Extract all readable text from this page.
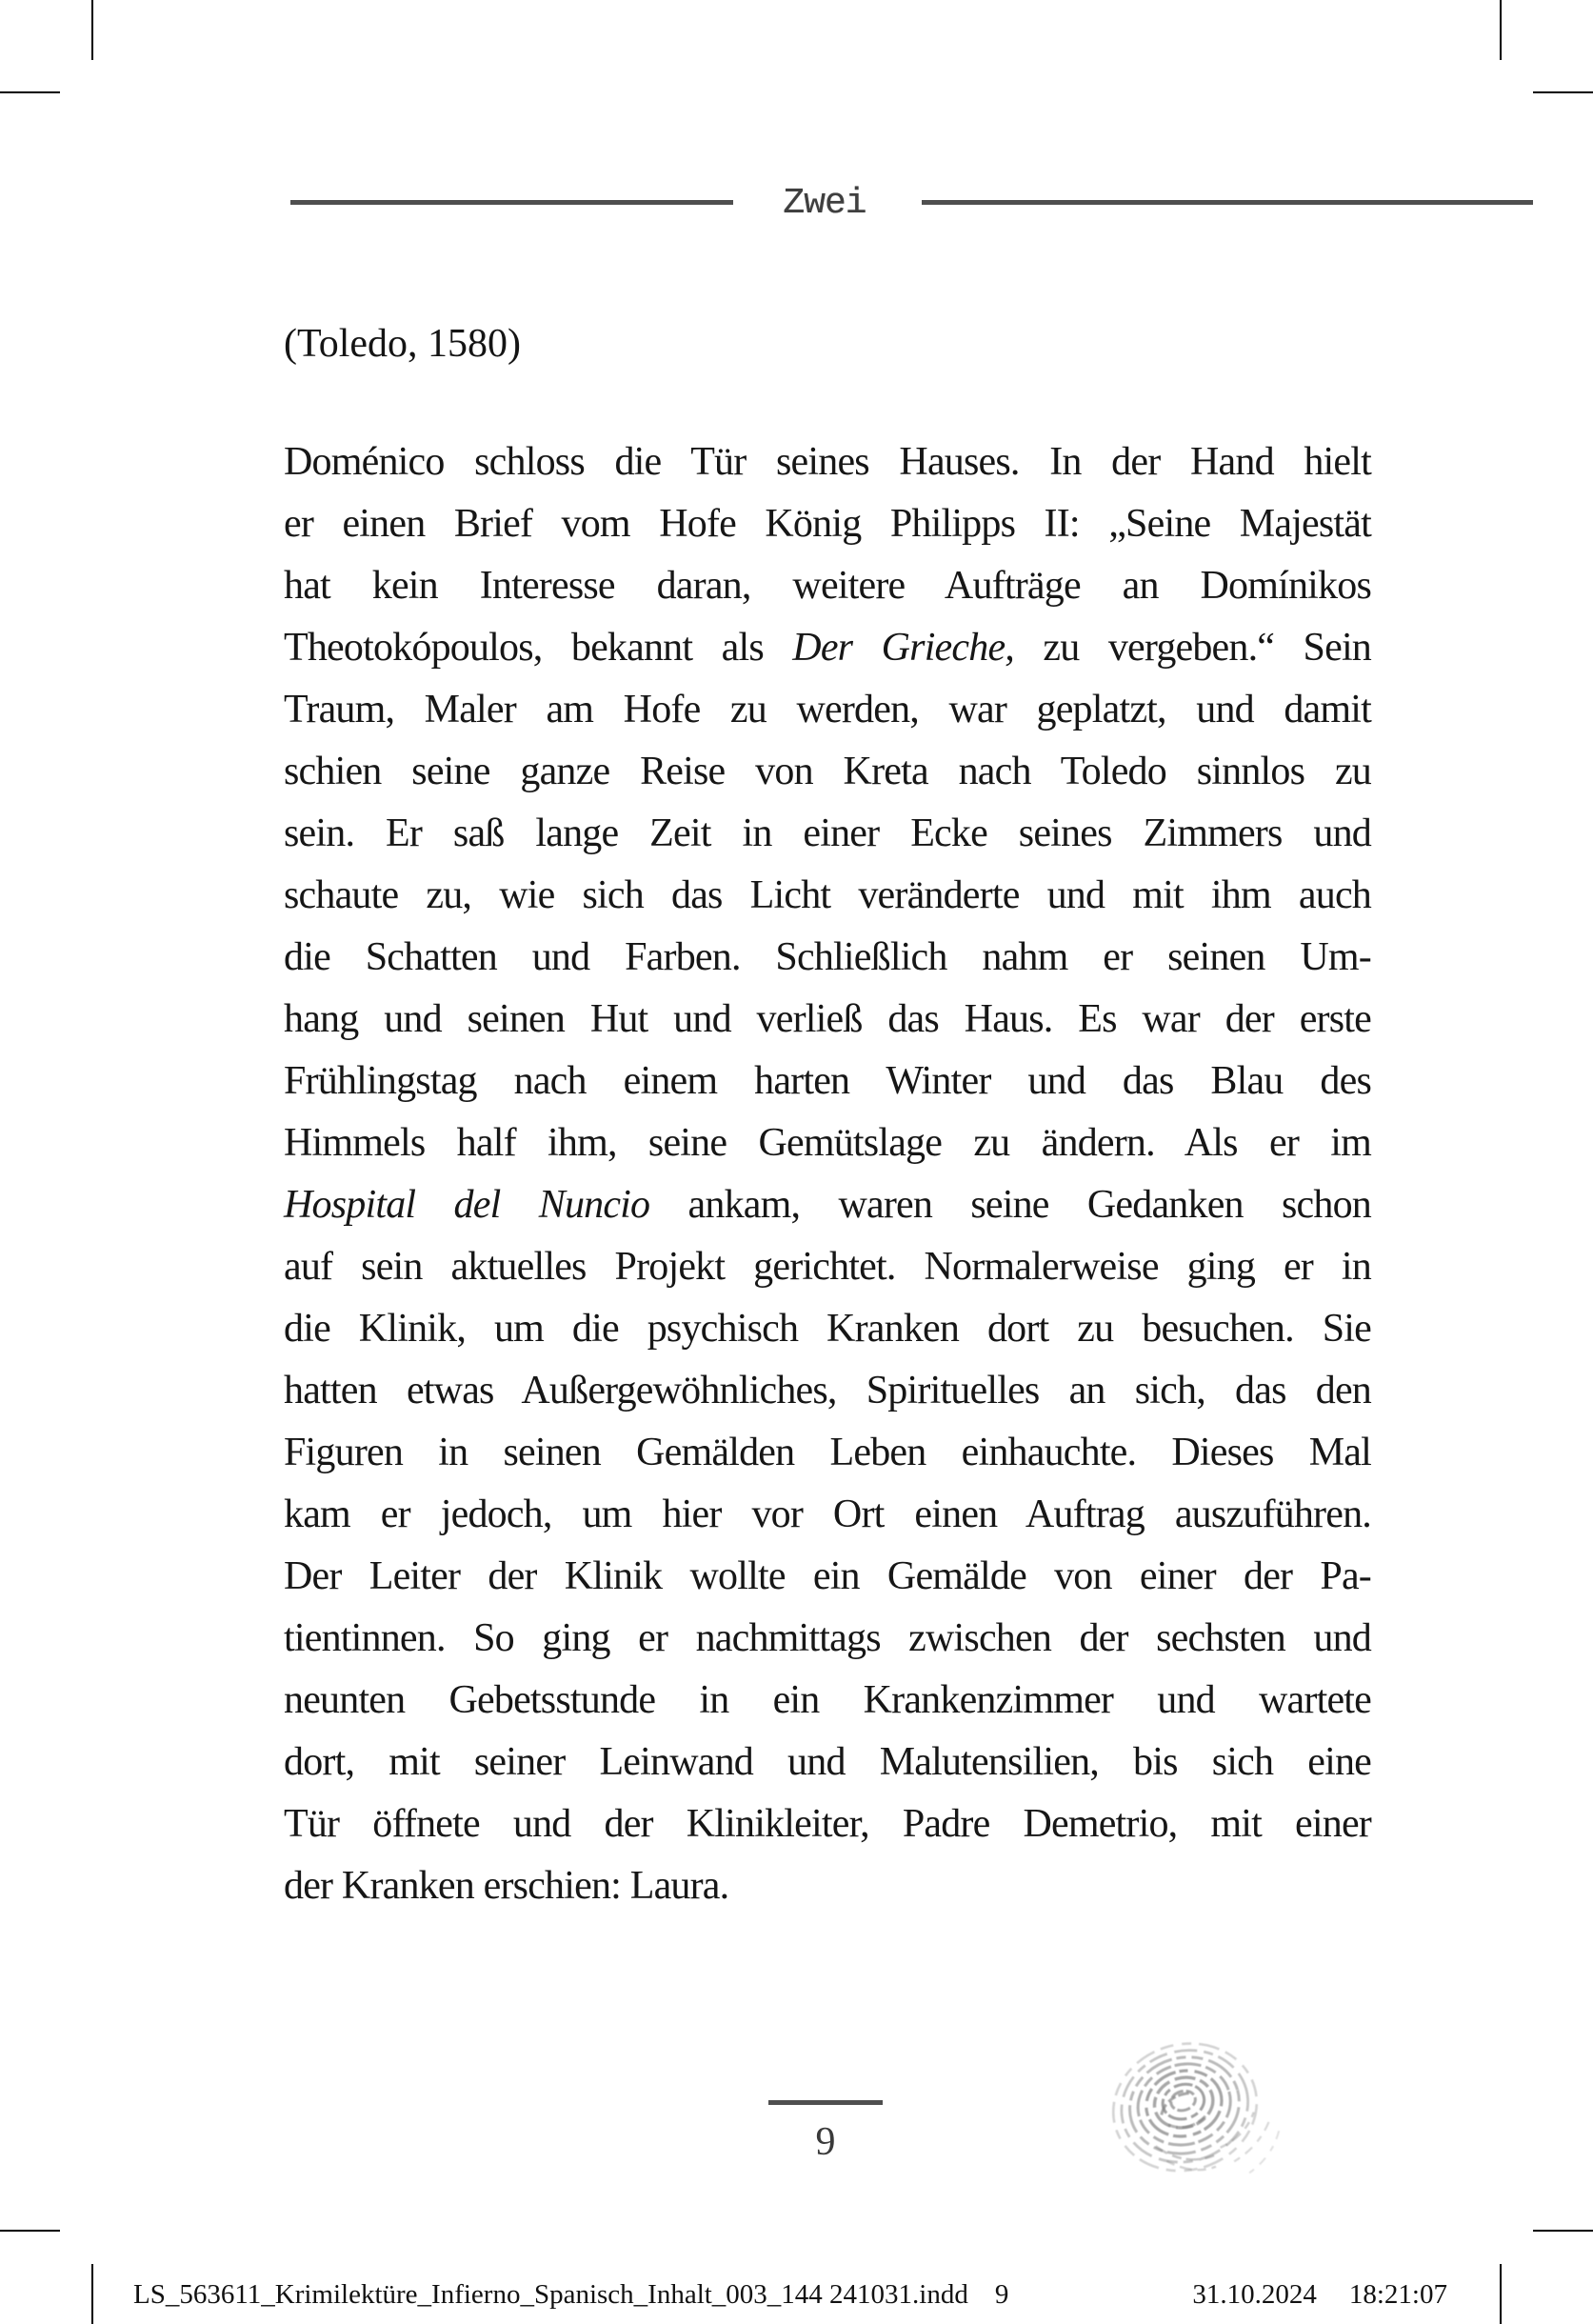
Zwei
(Toledo, 1580)
Doménico schloss die Tür seines Hauses. In der Hand hielt
er einen Brief vom Hofe König Philipps II: „Seine Majestät
hat kein Interesse daran, weitere Aufträge an Domínikos
Theotokópoulos, bekannt als Der Grieche, zu vergeben.“ Sein
Traum, Maler am Hofe zu werden, war geplatzt, und damit
schien seine ganze Reise von Kreta nach Toledo sinnlos zu
sein. Er saß lange Zeit in einer Ecke seines Zimmers und
schaute zu, wie sich das Licht veränderte und mit ihm auch
die Schatten und Farben. Schließlich nahm er seinen Um-
hang und seinen Hut und verließ das Haus. Es war der erste
Frühlingstag nach einem harten Winter und das Blau des
Himmels half ihm, seine Gemütslage zu ändern. Als er im
Hospital del Nuncio ankam, waren seine Gedanken schon
auf sein aktuelles Projekt gerichtet. Normalerweise ging er in
die Klinik, um die psychisch Kranken dort zu besuchen. Sie
hatten etwas Außergewöhnliches, Spirituelles an sich, das den
Figuren in seinen Gemälden Leben einhauchte. Dieses Mal
kam er jedoch, um hier vor Ort einen Auftrag auszuführen.
Der Leiter der Klinik wollte ein Gemälde von einer der Pa-
tientinnen. So ging er nachmittags zwischen der sechsten und
neunten Gebetsstunde in ein Krankenzimmer und wartete
dort, mit seiner Leinwand und Malutensilien, bis sich eine
Tür öffnete und der Klinikleiter, Padre Demetrio, mit einer
der Kranken erschien: Laura.
9
LS_563611_Krimilektüre_Infierno_Spanisch_Inhalt_003_144 241031.indd 9	31.10.2024 18:21:07
